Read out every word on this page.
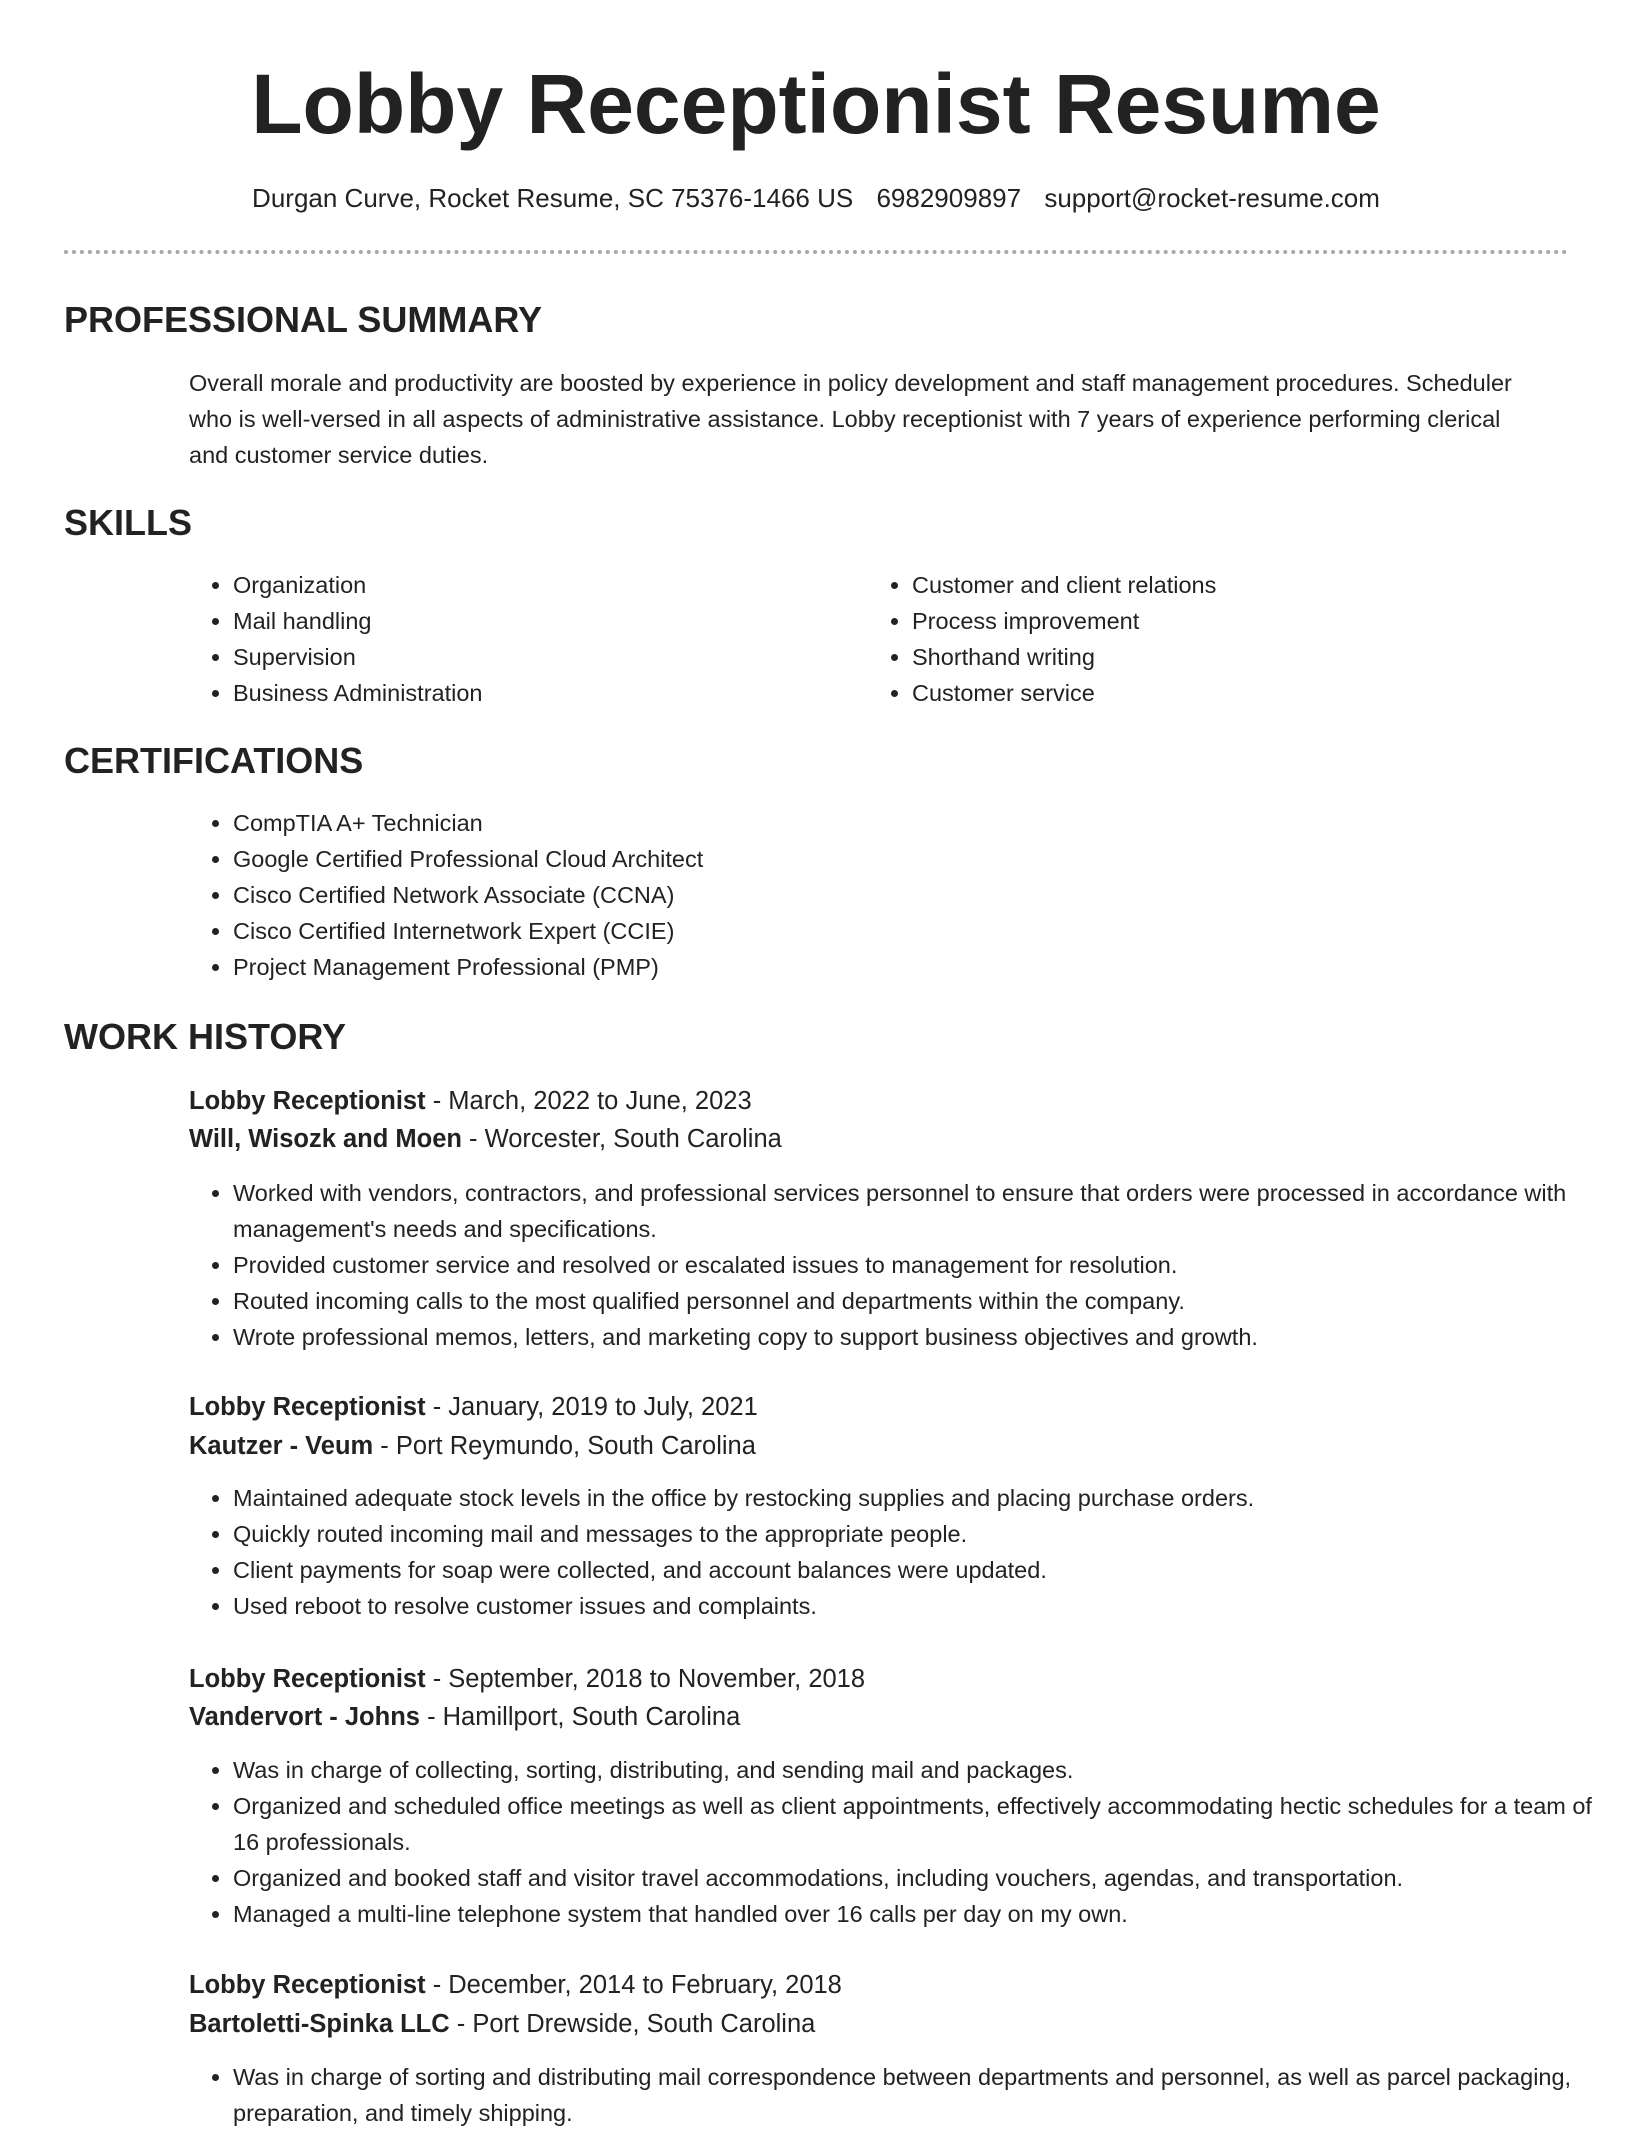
Lobby Receptionist Resume
Durgan Curve, Rocket Resume, SC 75376-1466 US 6982909897 support@rocket-resume.com
PROFESSIONAL SUMMARY

Overall morale and productivity are boosted by experience in policy development and staff management procedures. Scheduler who is well-versed in all aspects of administrative assistance. Lobby receptionist with 7 years of experience performing clerical and customer service duties.

SKILLS
• Organization
• Mail handling
• Supervision
• Business Administration
• Customer and client relations
• Process improvement
• Shorthand writing
• Customer service
CERTIFICATIONS
• CompTIA A+ Technician
• Google Certified Professional Cloud Architect
• Cisco Certified Network Associate (CCNA)
• Cisco Certified Internetwork Expert (CCIE)
• Project Management Professional (PMP)
WORK HISTORY
Lobby Receptionist - March, 2022 to June, 2023
Will, Wisozk and Moen - Worcester, South Carolina
• Worked with vendors, contractors, and professional services personnel to ensure that orders were processed in accordance with management's needs and specifications.
• Provided customer service and resolved or escalated issues to management for resolution.
• Routed incoming calls to the most qualified personnel and departments within the company.
• Wrote professional memos, letters, and marketing copy to support business objectives and growth.
Lobby Receptionist - January, 2019 to July, 2021
Kautzer - Veum - Port Reymundo, South Carolina
• Maintained adequate stock levels in the office by restocking supplies and placing purchase orders.
• Quickly routed incoming mail and messages to the appropriate people.
• Client payments for soap were collected, and account balances were updated.
• Used reboot to resolve customer issues and complaints.
Lobby Receptionist - September, 2018 to November, 2018
Vandervort - Johns - Hamillport, South Carolina
• Was in charge of collecting, sorting, distributing, and sending mail and packages.
• Organized and scheduled office meetings as well as client appointments, effectively accommodating hectic schedules for a team of 16 professionals.
• Organized and booked staff and visitor travel accommodations, including vouchers, agendas, and transportation.
• Managed a multi-line telephone system that handled over 16 calls per day on my own.
Lobby Receptionist - December, 2014 to February, 2018
Bartoletti-Spinka LLC - Port Drewside, South Carolina
• Was in charge of sorting and distributing mail correspondence between departments and personnel, as well as parcel packaging, preparation, and timely shipping.
